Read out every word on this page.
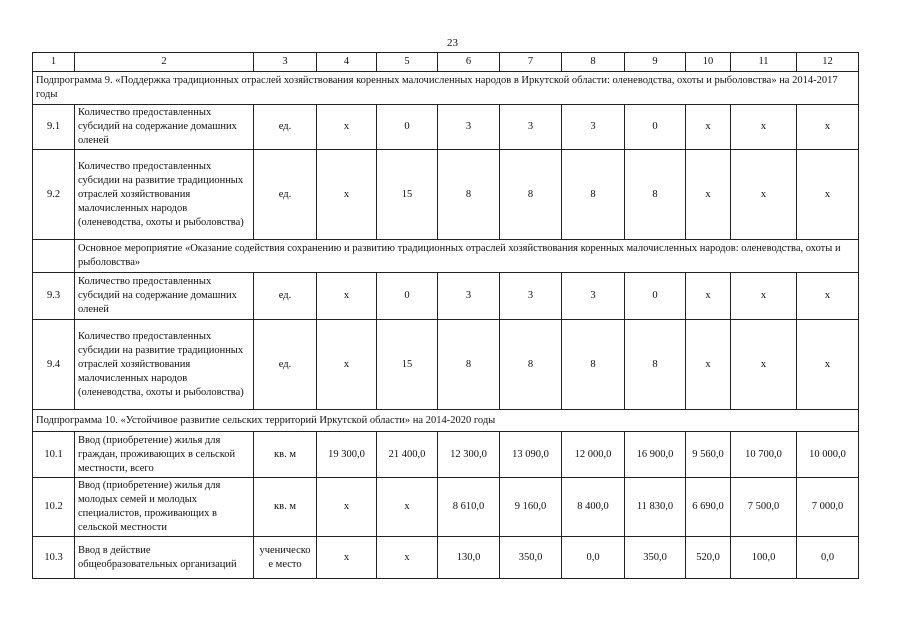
23
1	2	3	4	5	6	7	8	9	10	11	12
Подпрограмма 9. «Поддержка традиционных отраслей хозяйствования коренных малочисленных народов в Иркутской области: оленеводства, охоты и рыболовства» на 2014-2017 годы											
9.1	Количество предоставленных субсидий на содержание домашних оленей	ед.	x	0	3	3	3	0	x	x	x
9.2	Количество предоставленных субсидии на развитие традиционных отраслей хозяйствования малочисленных народов (оленеводства, охоты и рыболовства)	ед.	x	15	8	8	8	8	x	x	x
	Основное мероприятие «Оказание содействия сохранению и развитию традиционных отраслей хозяйствования коренных малочисленных народов: оленеводства, охоты и рыболовства»										
9.3	Количество предоставленных субсидий на содержание домашних оленей	ед.	x	0	3	3	3	0	x	x	x
9.4	Количество предоставленных субсидии на развитие традиционных отраслей хозяйствования малочисленных народов (оленеводства, охоты и рыболовства)	ед.	x	15	8	8	8	8	x	x	x
Подпрограмма 10. «Устойчивое развитие сельских территорий Иркутской области» на 2014-2020 годы											
10.1	Ввод (приобретение) жилья для граждан, проживающих в сельской местности, всего	кв. м	19 300,0	21 400,0	12 300,0	13 090,0	12 000,0	16 900,0	9 560,0	10 700,0	10 000,0
10.2	Ввод (приобретение) жилья для молодых семей и молодых специалистов, проживающих в сельской местности	кв. м	x	x	8 610,0	9 160,0	8 400,0	11 830,0	6 690,0	7 500,0	7 000,0
10.3	Ввод в действие общеобразовательных организаций	ученическо е место	x	x	130,0	350,0	0,0	350,0	520,0	100,0	0,0
